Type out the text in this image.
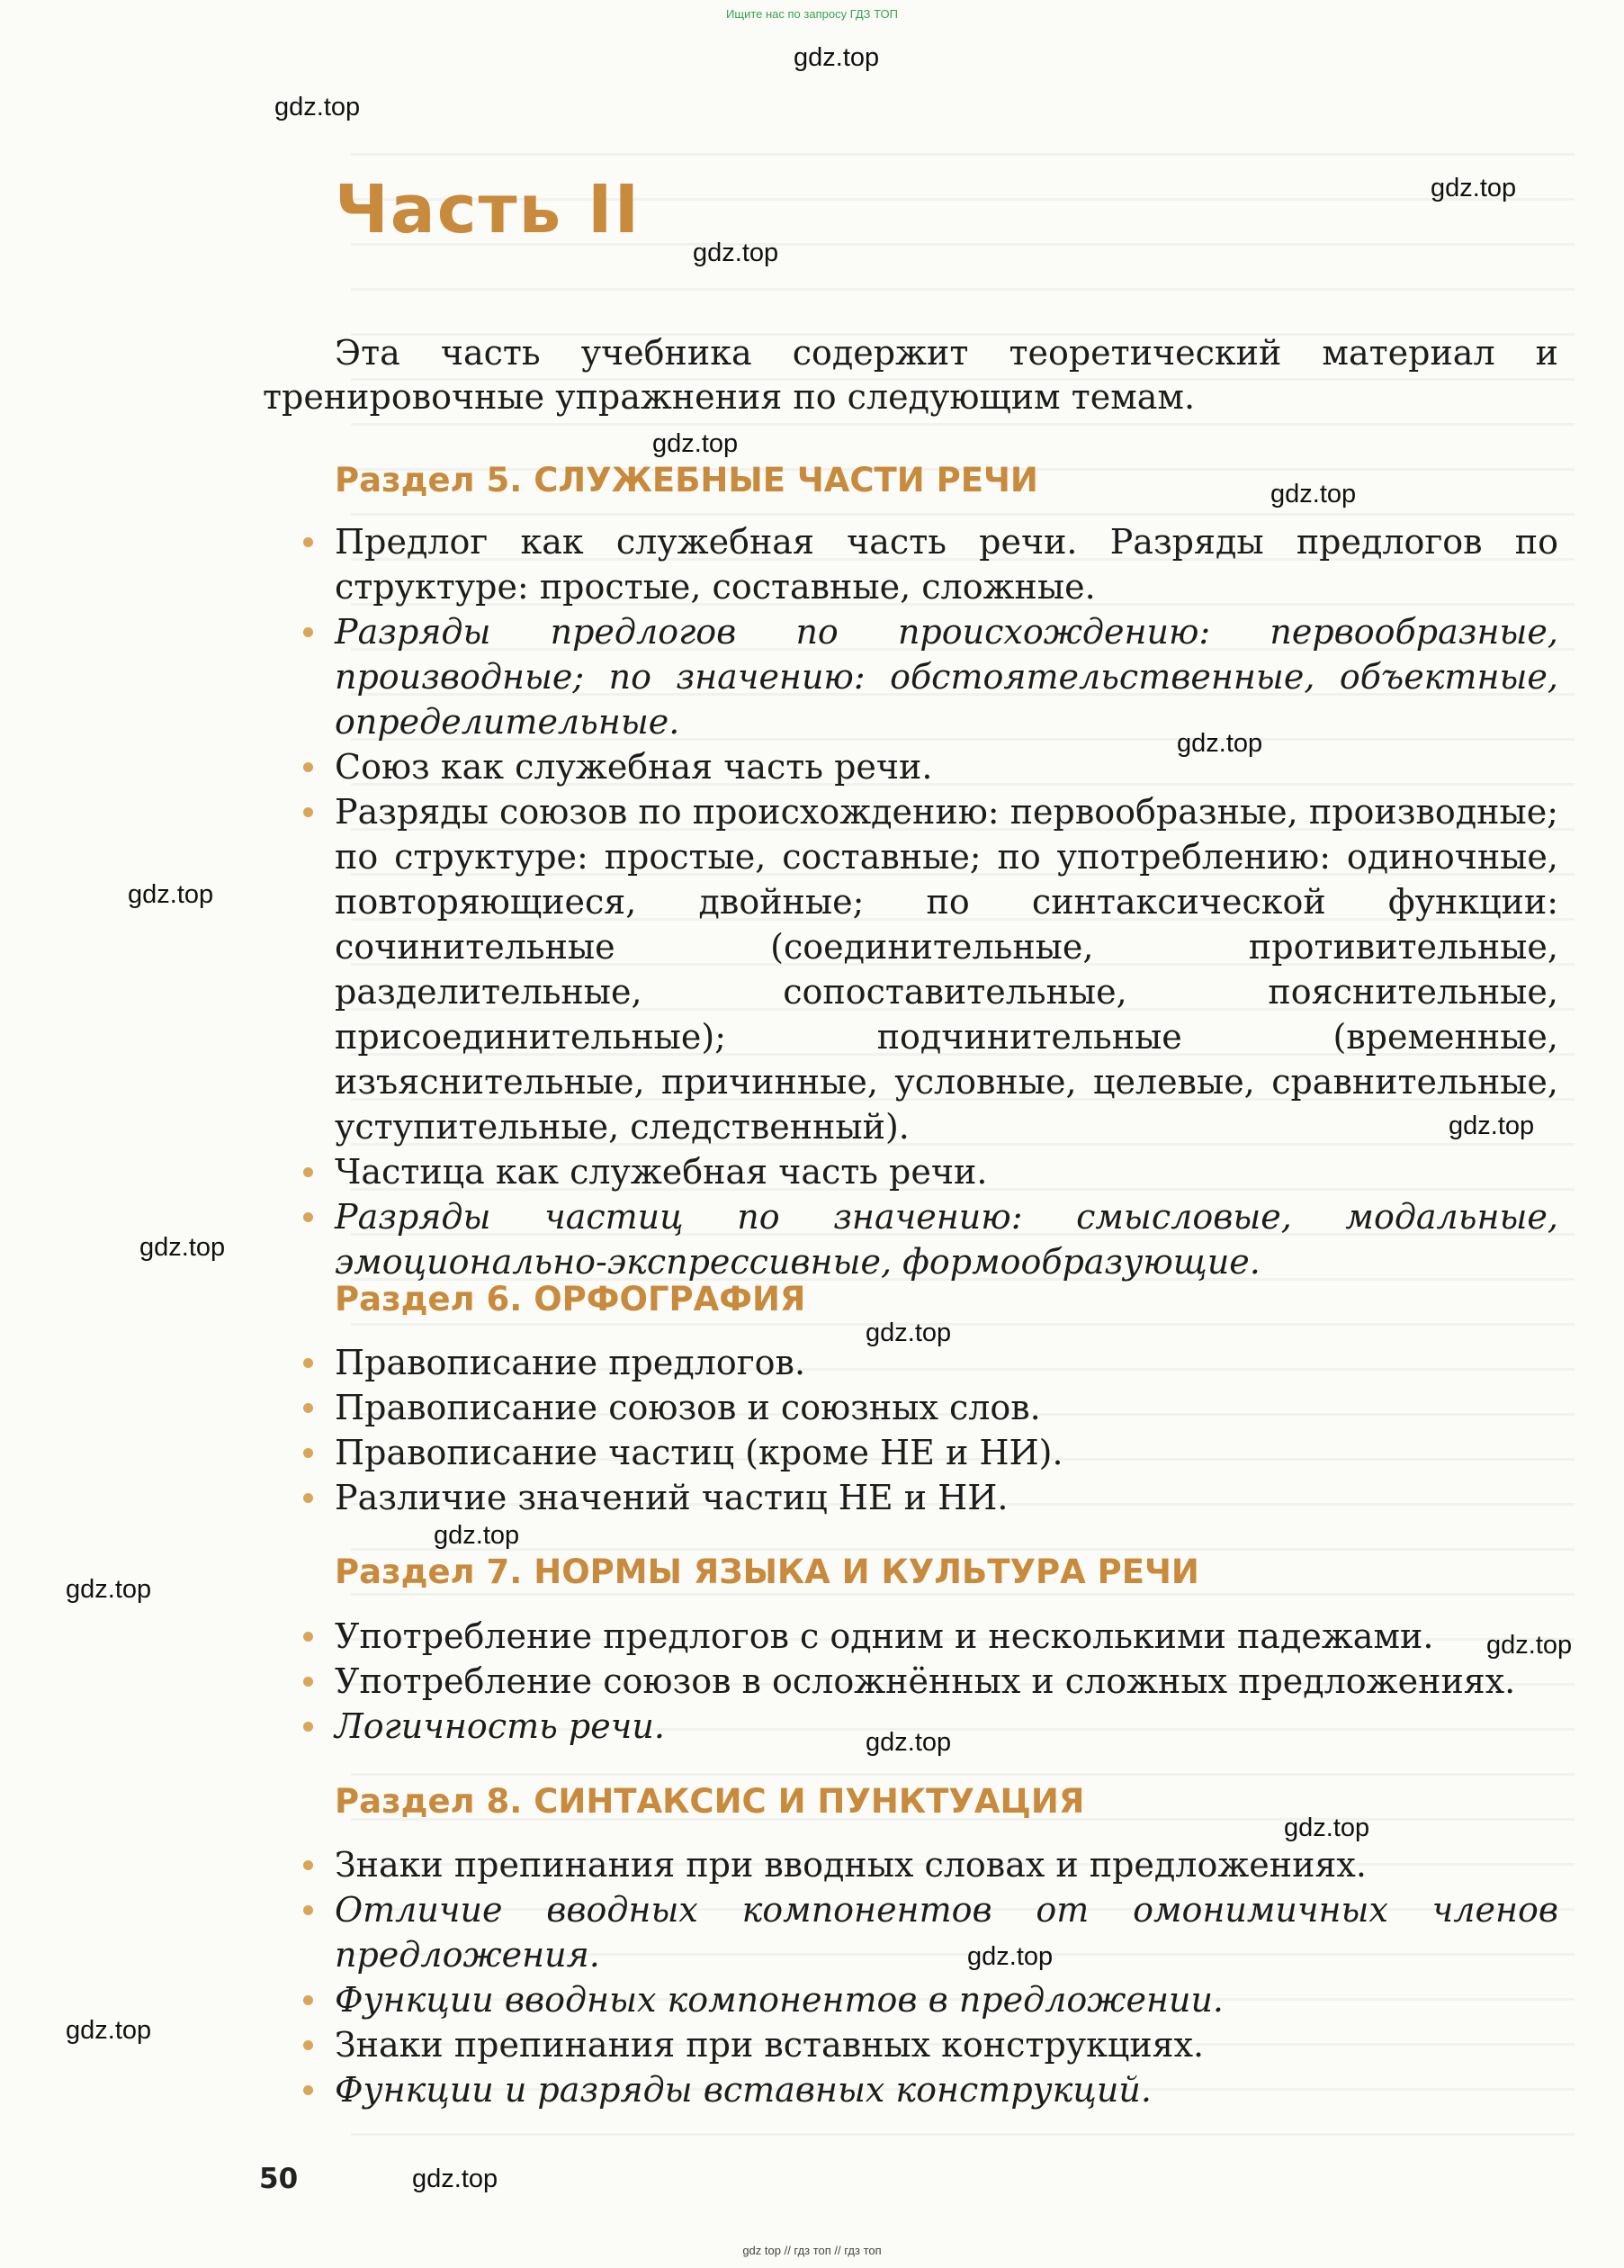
Ищите нас по запросу ГДЗ ТОП
Часть II

Эта часть учебника содержит теоретический материал и тренировочные упражнения по следующим темам.

Раздел 5. СЛУЖЕБНЫЕ ЧАСТИ РЕЧИ
Предлог как служебная часть речи. Разряды предлогов по структуре: простые, составные, сложные.
Разряды предлогов по происхождению: первообразные, производные; по значению: обстоятельственные, объектные, определительные.
Союз как служебная часть речи.
Разряды союзов по происхождению: первообразные, производные; по структуре: простые, составные; по употреблению: одиночные, повторяющиеся, двойные; по синтаксической функции: сочинительные (соединительные, противительные, разделительные, сопоставительные, пояснительные, присоединительные); подчинительные (временные, изъяснительные, причинные, условные, целевые, сравнительные, уступительные, следственный).
Частица как служебная часть речи.
Разряды частиц по значению: смысловые, модальные, эмоционально-экспрессивные, формообразующие.
Раздел 6. ОРФОГРАФИЯ
Правописание предлогов.
Правописание союзов и союзных слов.
Правописание частиц (кроме НЕ и НИ).
Различие значений частиц НЕ и НИ.
Раздел 7. НОРМЫ ЯЗЫКА И КУЛЬТУРА РЕЧИ
Употребление предлогов с одним и несколькими падежами.
Употребление союзов в осложнённых и сложных предложениях.
Логичность речи.
Раздел 8. СИНТАКСИС И ПУНКТУАЦИЯ
Знаки препинания при вводных словах и предложениях.
Отличие вводных компонентов от омонимичных членов предложения.
Функции вводных компонентов в предложении.
Знаки препинания при вставных конструкциях.
Функции и разряды вставных конструкций.
50
gdz.top
gdz.top
gdz.top
gdz.top
gdz.top
gdz.top
gdz.top
gdz.top
gdz.top
gdz.top
gdz.top
gdz.top
gdz.top
gdz.top
gdz.top
gdz.top
gdz.top
gdz.top
gdz.top
gdz top // гдз топ // гдз топ
